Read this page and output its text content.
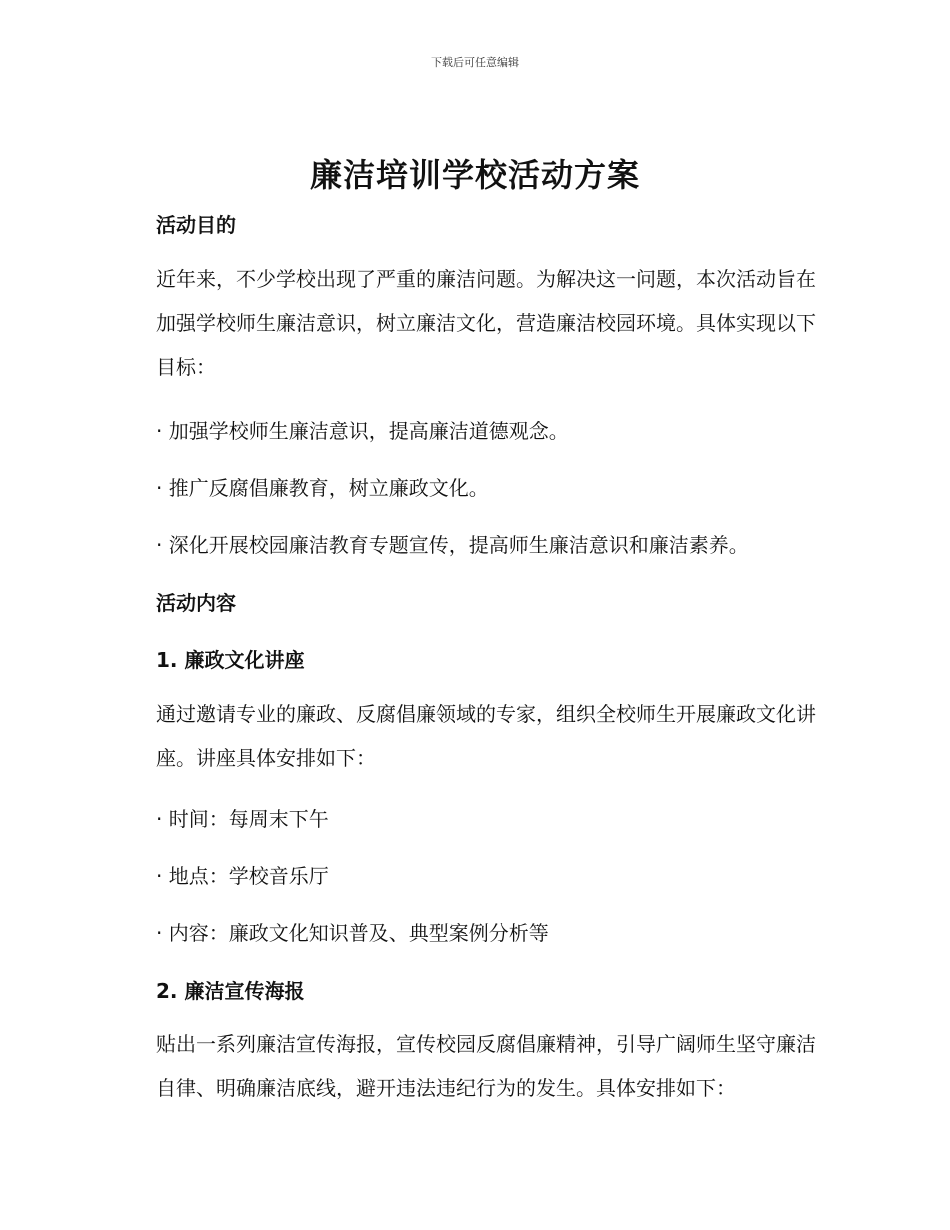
下载后可任意编辑
廉洁培训学校活动方案
活动目的
近年来，不少学校出现了严重的廉洁问题。为解决这一问题，本次活动旨在加强学校师生廉洁意识，树立廉洁文化，营造廉洁校园环境。具体实现以下目标：
· 加强学校师生廉洁意识，提高廉洁道德观念。
· 推广反腐倡廉教育，树立廉政文化。
· 深化开展校园廉洁教育专题宣传，提高师生廉洁意识和廉洁素养。
活动内容
1. 廉政文化讲座
通过邀请专业的廉政、反腐倡廉领域的专家，组织全校师生开展廉政文化讲座。讲座具体安排如下：
· 时间：每周末下午
· 地点：学校音乐厅
· 内容：廉政文化知识普及、典型案例分析等
2. 廉洁宣传海报
贴出一系列廉洁宣传海报，宣传校园反腐倡廉精神，引导广阔师生坚守廉洁自律、明确廉洁底线，避开违法违纪行为的发生。具体安排如下：
